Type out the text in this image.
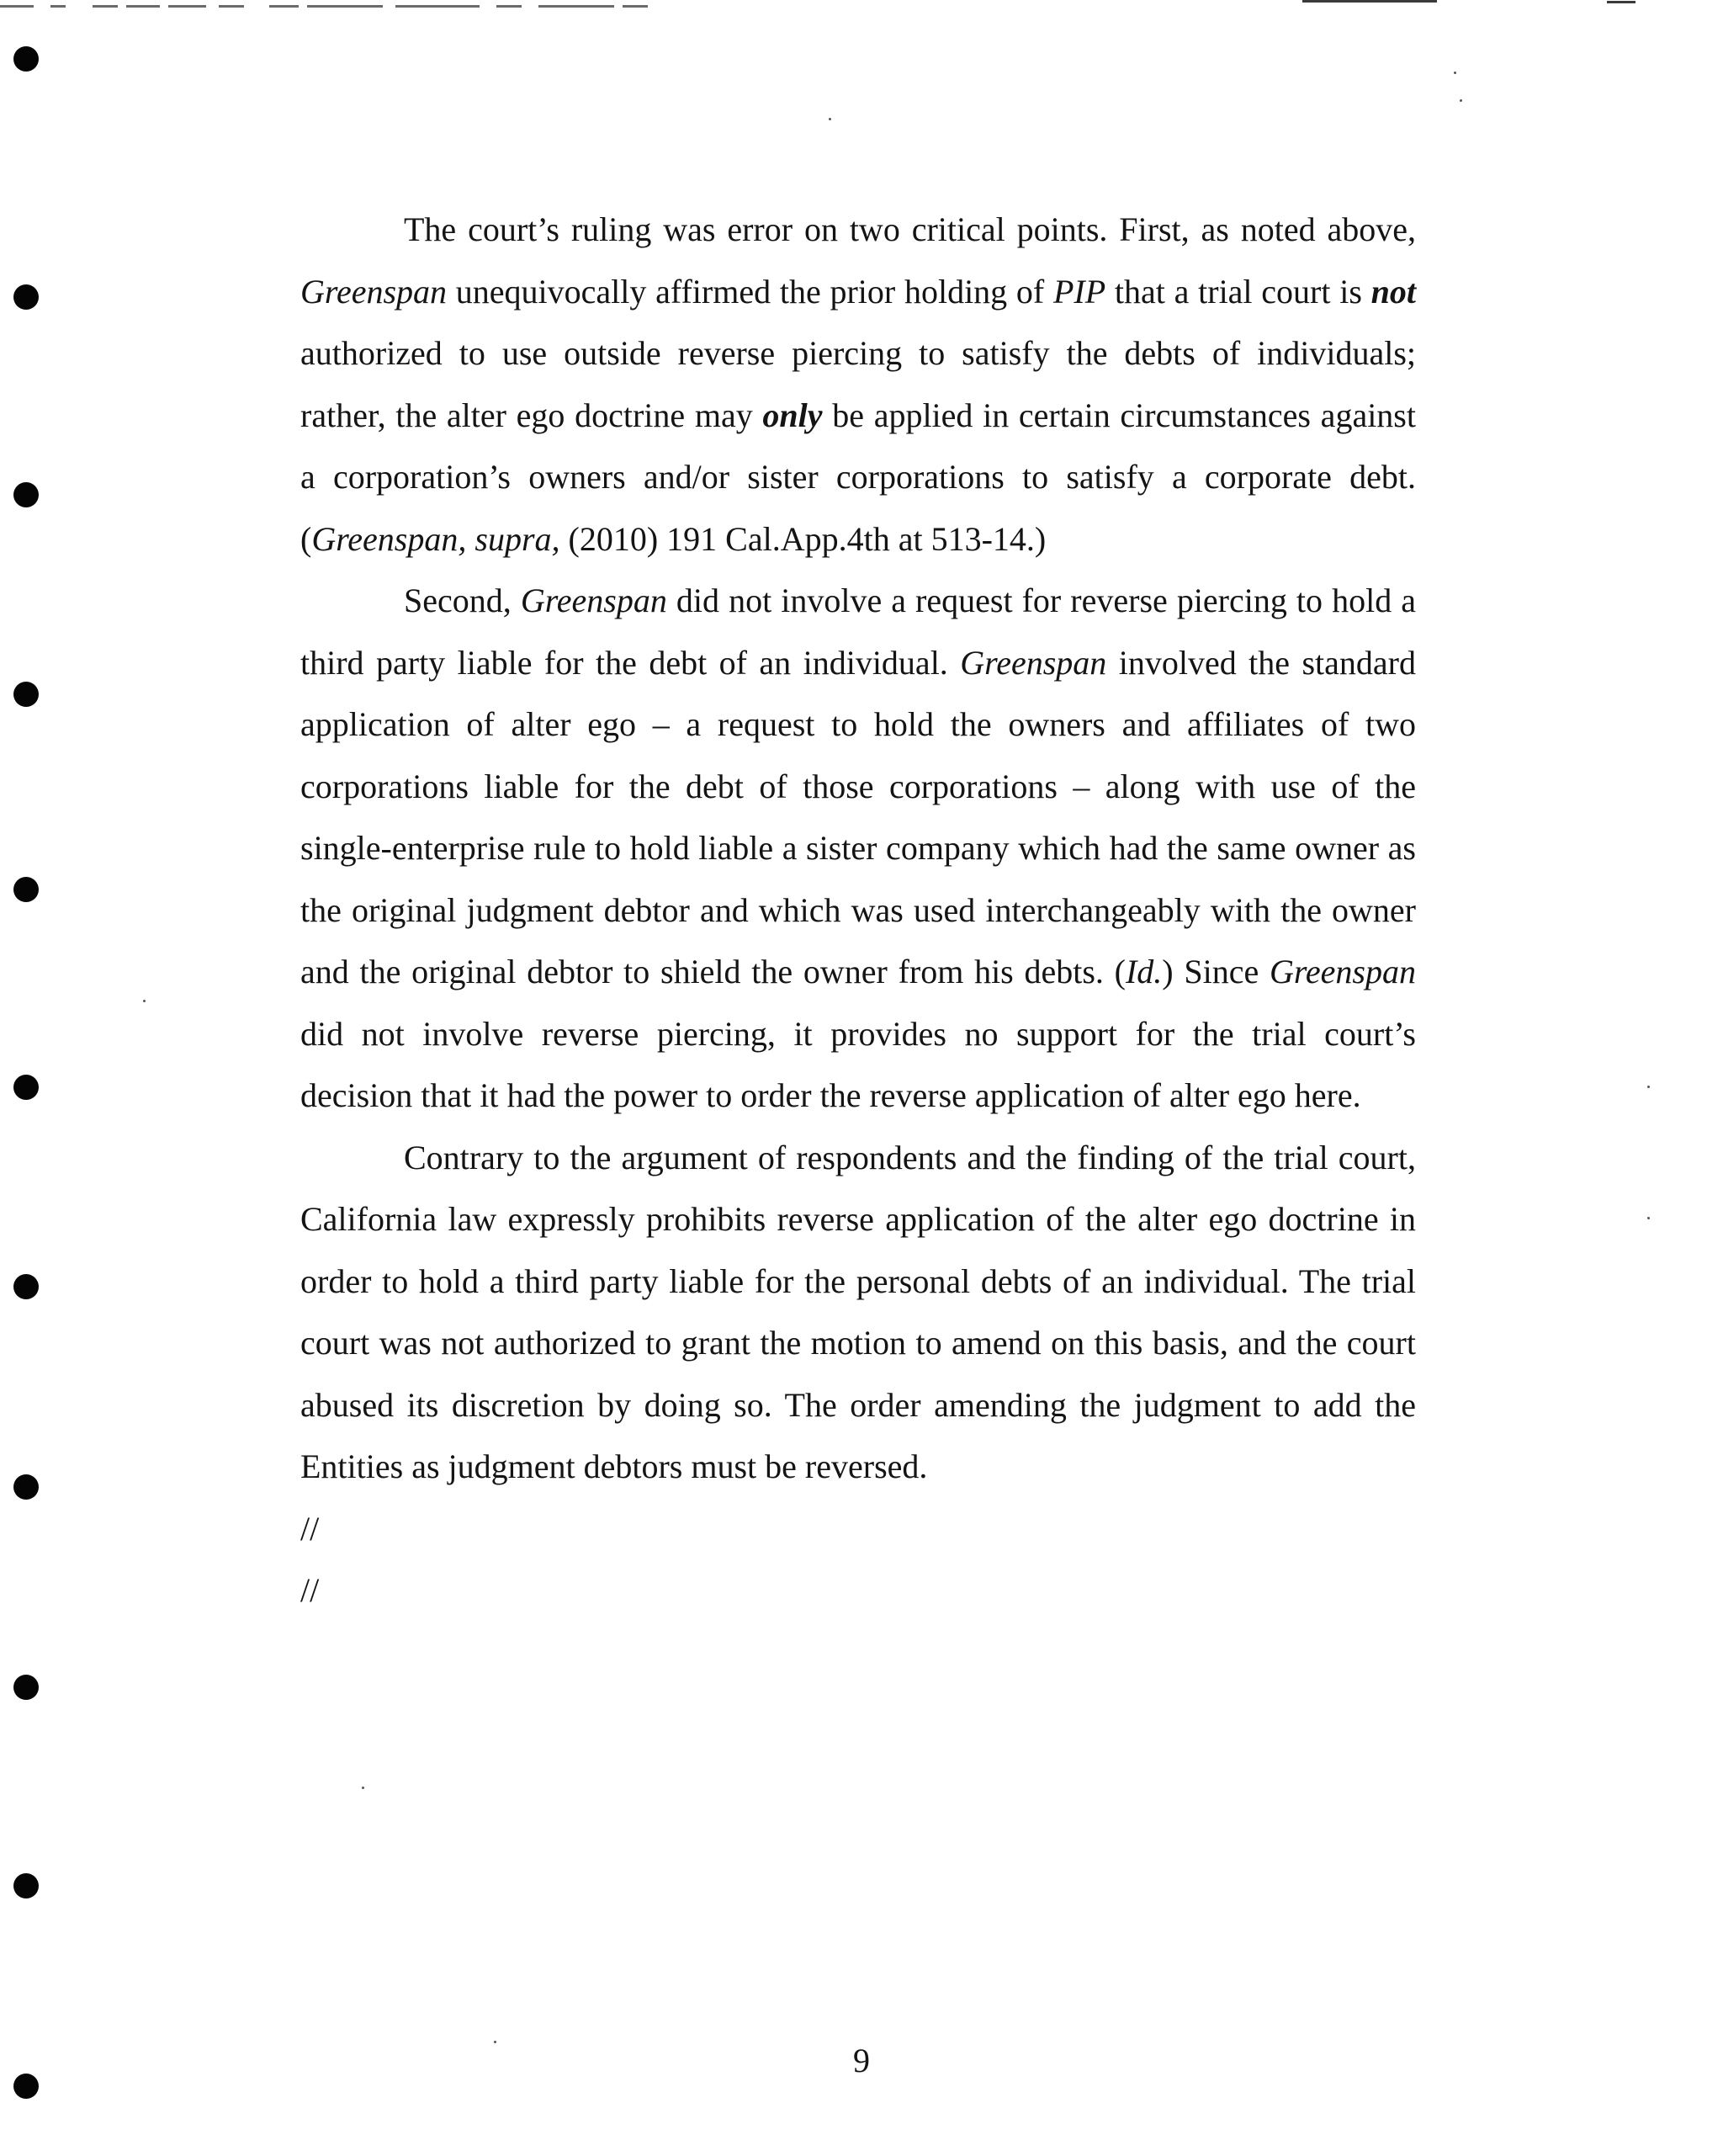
The court’s ruling was error on two critical points. First, as noted above, Greenspan unequivocally affirmed the prior holding of PIP that a trial court is not authorized to use outside reverse piercing to satisfy the debts of individuals; rather, the alter ego doctrine may only be applied in certain circumstances against a corporation’s owners and/or sister corporations to satisfy a corporate debt. (Greenspan, supra, (2010) 191 Cal.App.4th at 513-14.)

Second, Greenspan did not involve a request for reverse piercing to hold a third party liable for the debt of an individual. Greenspan involved the standard application of alter ego – a request to hold the owners and affiliates of two corporations liable for the debt of those corporations – along with use of the single-enterprise rule to hold liable a sister company which had the same owner as the original judgment debtor and which was used interchangeably with the owner and the original debtor to shield the owner from his debts. (Id.) Since Greenspan did not involve reverse piercing, it provides no support for the trial court’s decision that it had the power to order the reverse application of alter ego here.

Contrary to the argument of respondents and the finding of the trial court, California law expressly prohibits reverse application of the alter ego doctrine in order to hold a third party liable for the personal debts of an individual. The trial court was not authorized to grant the motion to amend on this basis, and the court abused its discretion by doing so. The order amending the judgment to add the Entities as judgment debtors must be reversed.

//

//

9
